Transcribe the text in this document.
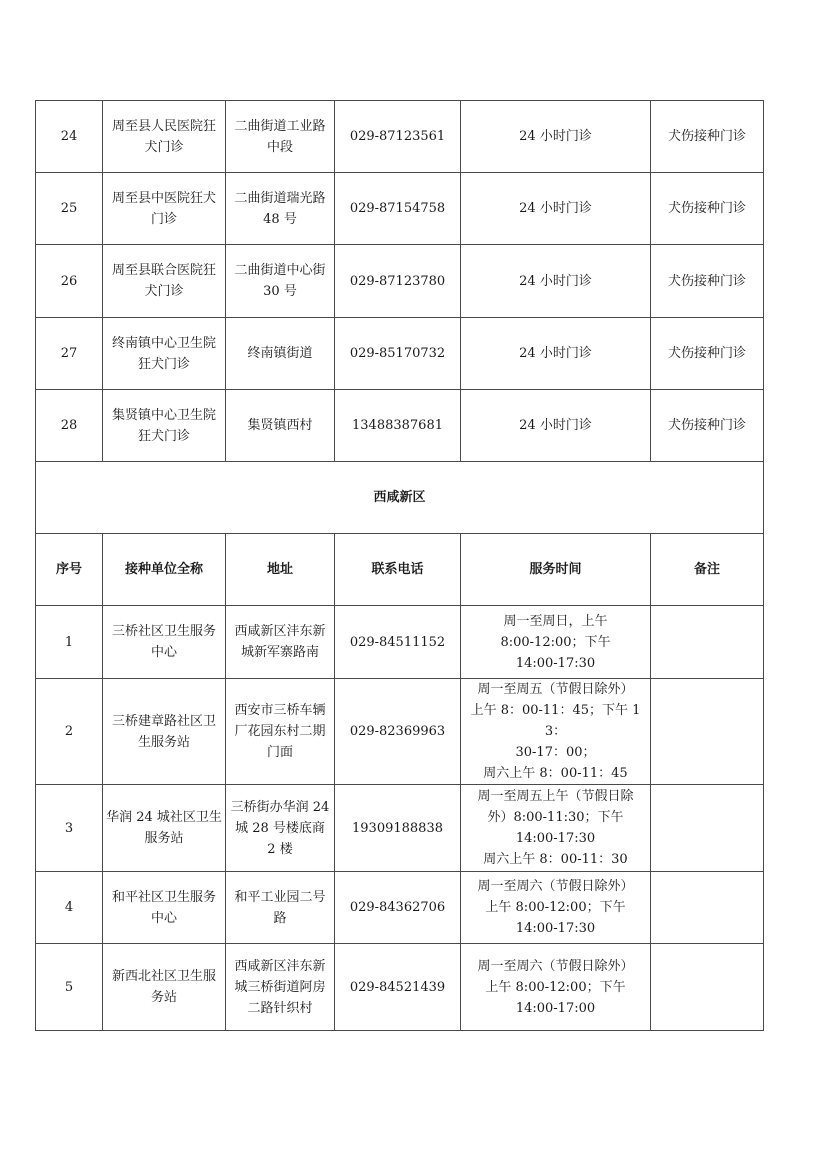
24	周至县人民医院狂犬门诊	二曲街道工业路中段	029-87123561	24 小时门诊	犬伤接种门诊
25	周至县中医院狂犬门诊	二曲街道瑞光路 48 号	029-87154758	24 小时门诊	犬伤接种门诊
26	周至县联合医院狂犬门诊	二曲街道中心街 30 号	029-87123780	24 小时门诊	犬伤接种门诊
27	终南镇中心卫生院狂犬门诊	终南镇街道	029-85170732	24 小时门诊	犬伤接种门诊
28	集贤镇中心卫生院狂犬门诊	集贤镇西村	13488387681	24 小时门诊	犬伤接种门诊
西咸新区					
序号	接种单位全称	地址	联系电话	服务时间	备注
1	三桥社区卫生服务中心	西咸新区沣东新城新军寨路南	029-84511152	周一至周日，上午
8:00-12:00；下午
14:00-17:30	

2	三桥建章路社区卫生服务站	西安市三桥车辆厂花园东村二期门面	029-82369963	周一至周五（节假日除外）
上午 8：00-11：45；下午 13：
30-17：00；
周六上午 8：00-11：45	

3	华润 24 城社区卫生服务站	三桥街办华润 24 城 28 号楼底商 2 楼	19309188838	周一至周五上午（节假日除
外）8:00-11:30；下午
14:00-17:30
周六上午 8：00-11：30	

4	和平社区卫生服务中心	和平工业园二号路	029-84362706	周一至周六（节假日除外）
上午 8:00-12:00；下午
14:00-17:30	

5	新西北社区卫生服务站	西咸新区沣东新城三桥街道阿房二路针织村	029-84521439	周一至周六（节假日除外）
上午 8:00-12:00；下午
14:00-17:00	
